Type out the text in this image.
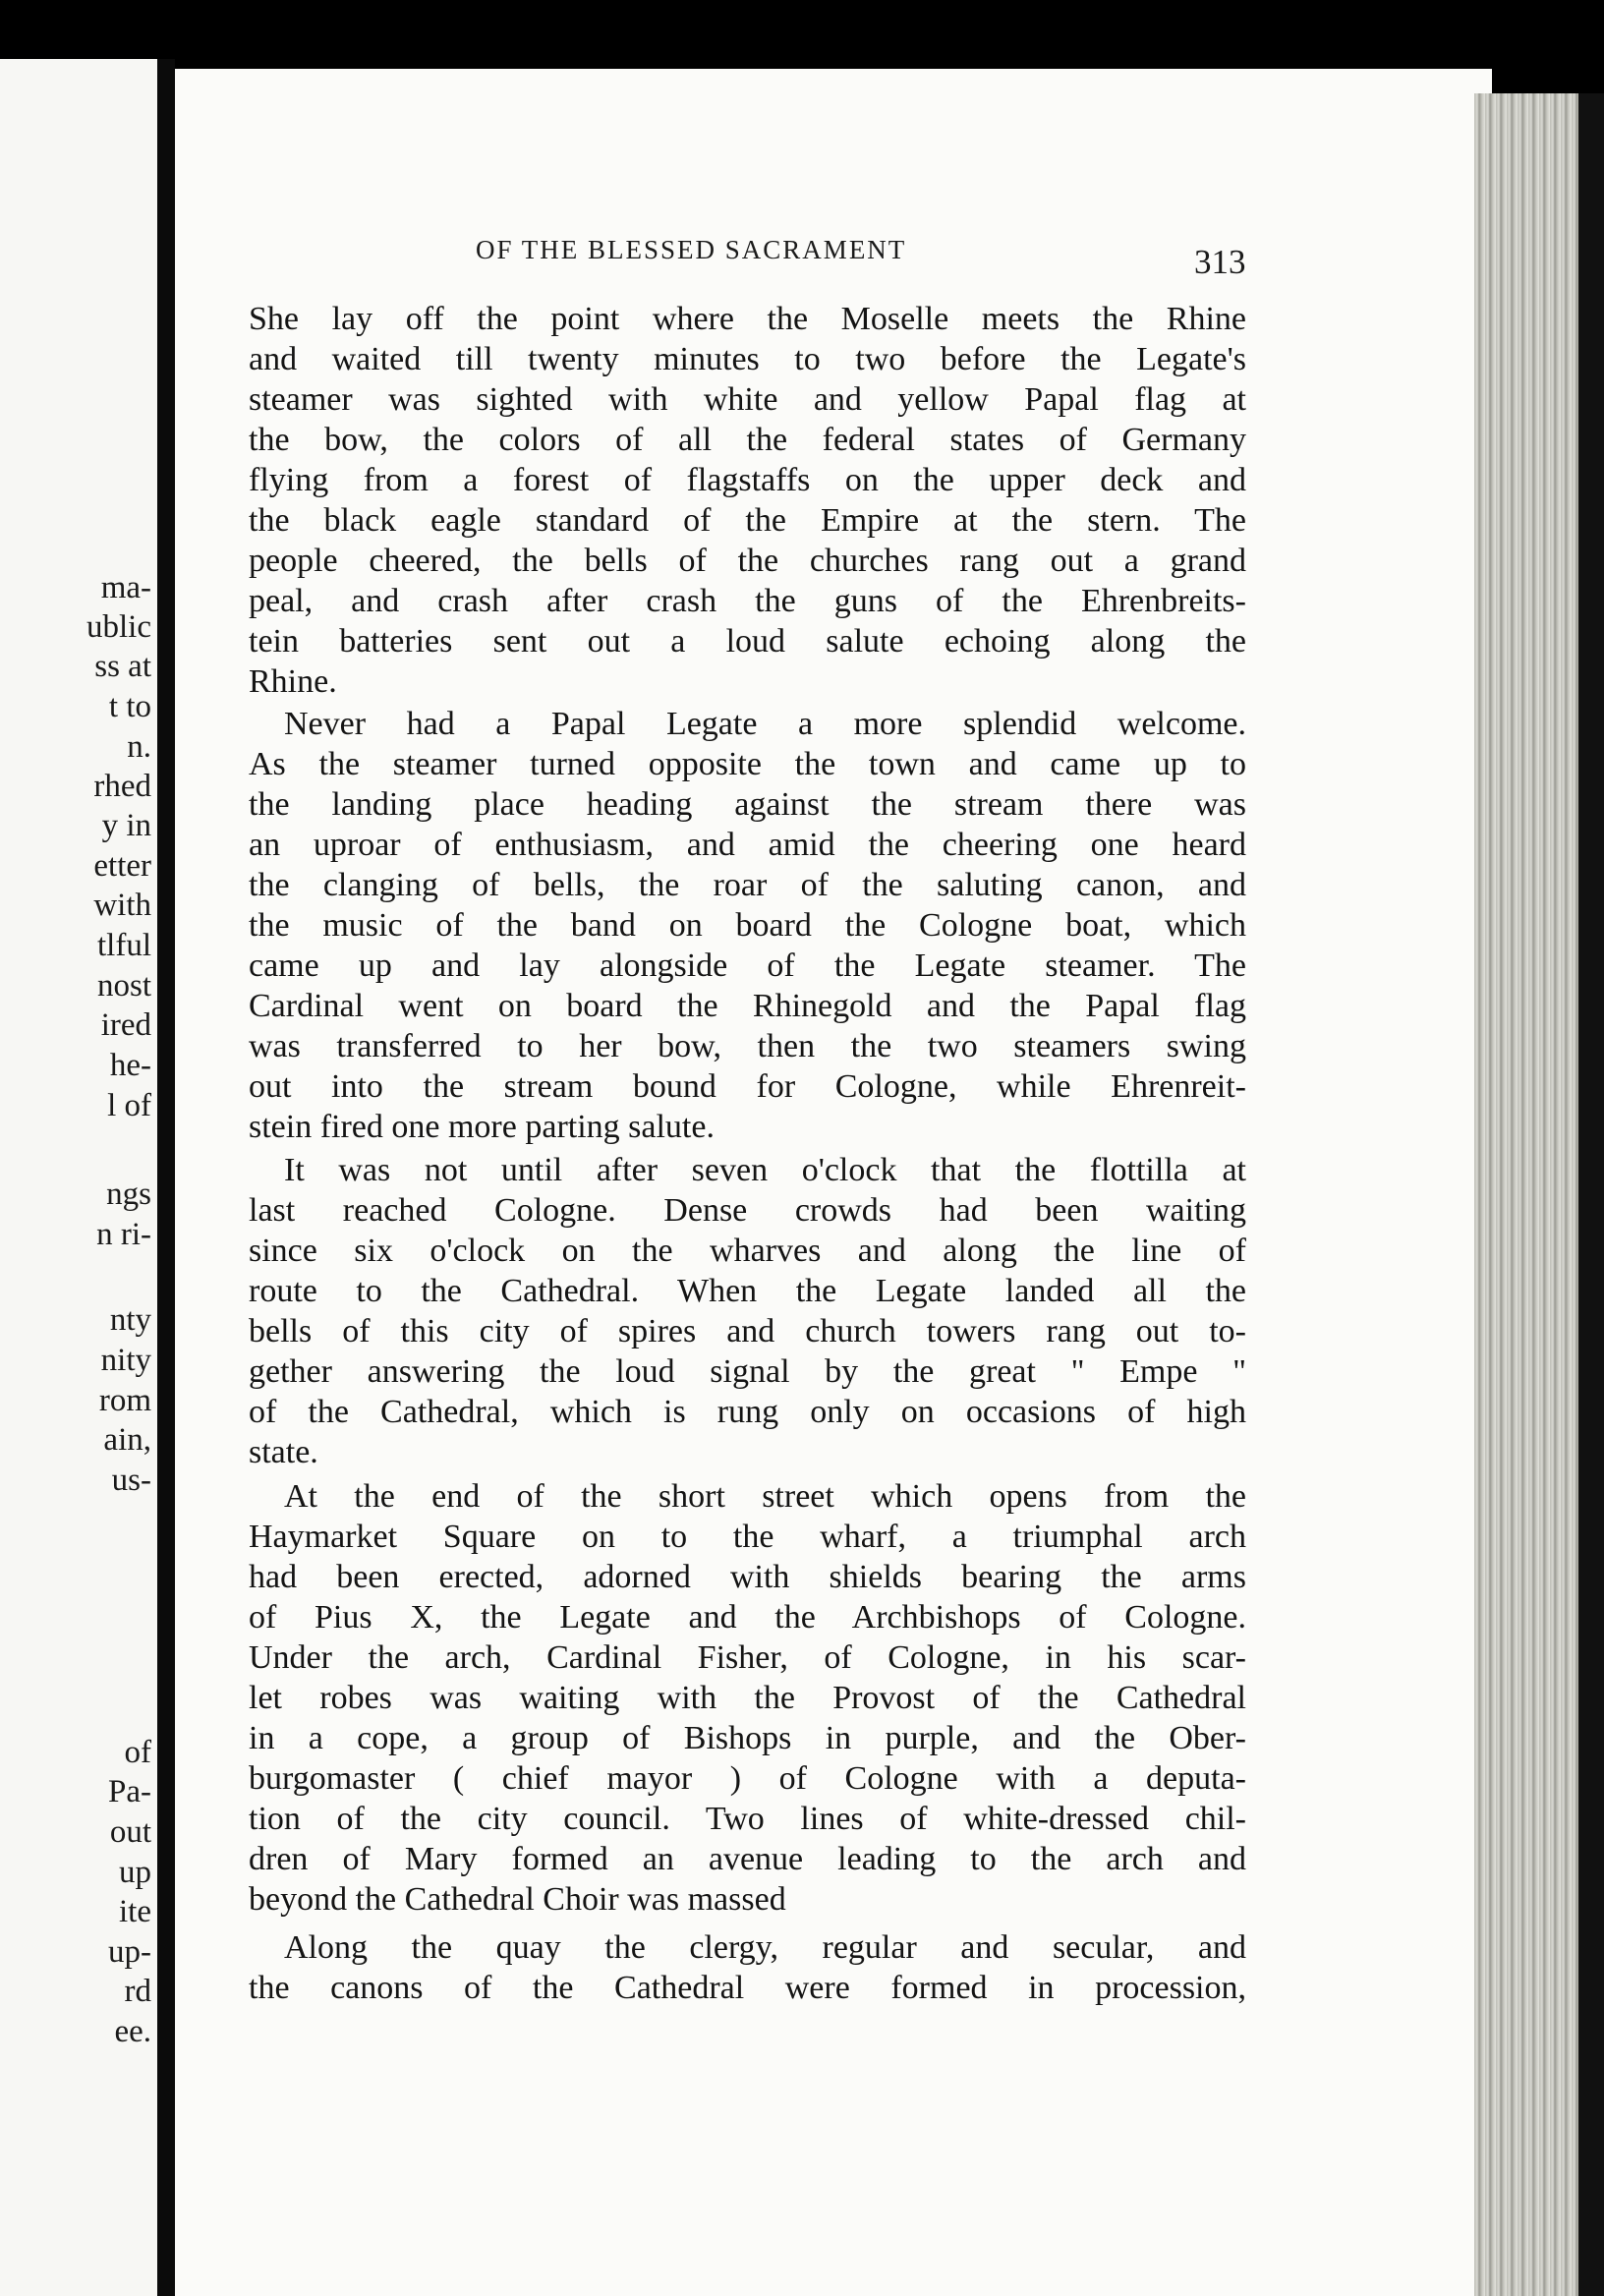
ma-
ublic
ss at
t to
n.
rhed
y in
etter
with
tlful
nost
ired
he-
l of
ngs
n ri-
nty
nity
rom
ain,
us-
of
Pa-
out
up
ite
up-
rd
ee.
OF THE BLESSED SACRAMENT	313
She lay off the point where the Moselle meets the Rhine
and waited till twenty minutes to two before the Legate's
steamer was sighted with white and yellow Papal flag at
the bow, the colors of all the federal states of Germany
flying from a forest of flagstaffs on the upper deck and
the black eagle standard of the Empire at the stern. The
people cheered, the bells of the churches rang out a grand
peal, and crash after crash the guns of the Ehrenbreits-
tein batteries sent out a loud salute echoing along the
Rhine.
Never had a Papal Legate a more splendid welcome.
As the steamer turned opposite the town and came up to
the landing place heading against the stream there was
an uproar of enthusiasm, and amid the cheering one heard
the clanging of bells, the roar of the saluting canon, and
the music of the band on board the Cologne boat, which
came up and lay alongside of the Legate steamer. The
Cardinal went on board the Rhinegold and the Papal flag
was transferred to her bow, then the two steamers swing
out into the stream bound for Cologne, while Ehrenreit-
stein fired one more parting salute.
It was not until after seven o'clock that the flottilla at
last reached Cologne. Dense crowds had been waiting
since six o'clock on the wharves and along the line of
route to the Cathedral. When the Legate landed all the
bells of this city of spires and church towers rang out to-
gether answering the loud signal by the great " Empe "
of the Cathedral, which is rung only on occasions of high
state.
At the end of the short street which opens from the
Haymarket Square on to the wharf, a triumphal arch
had been erected, adorned with shields bearing the arms
of Pius X, the Legate and the Archbishops of Cologne.
Under the arch, Cardinal Fisher, of Cologne, in his scar-
let robes was waiting with the Provost of the Cathedral
in a cope, a group of Bishops in purple, and the Ober-
burgomaster ( chief mayor ) of Cologne with a deputa-
tion of the city council. Two lines of white-dressed chil-
dren of Mary formed an avenue leading to the arch and
beyond the Cathedral Choir was massed
Along the quay the clergy, regular and secular, and
the canons of the Cathedral were formed in procession,
